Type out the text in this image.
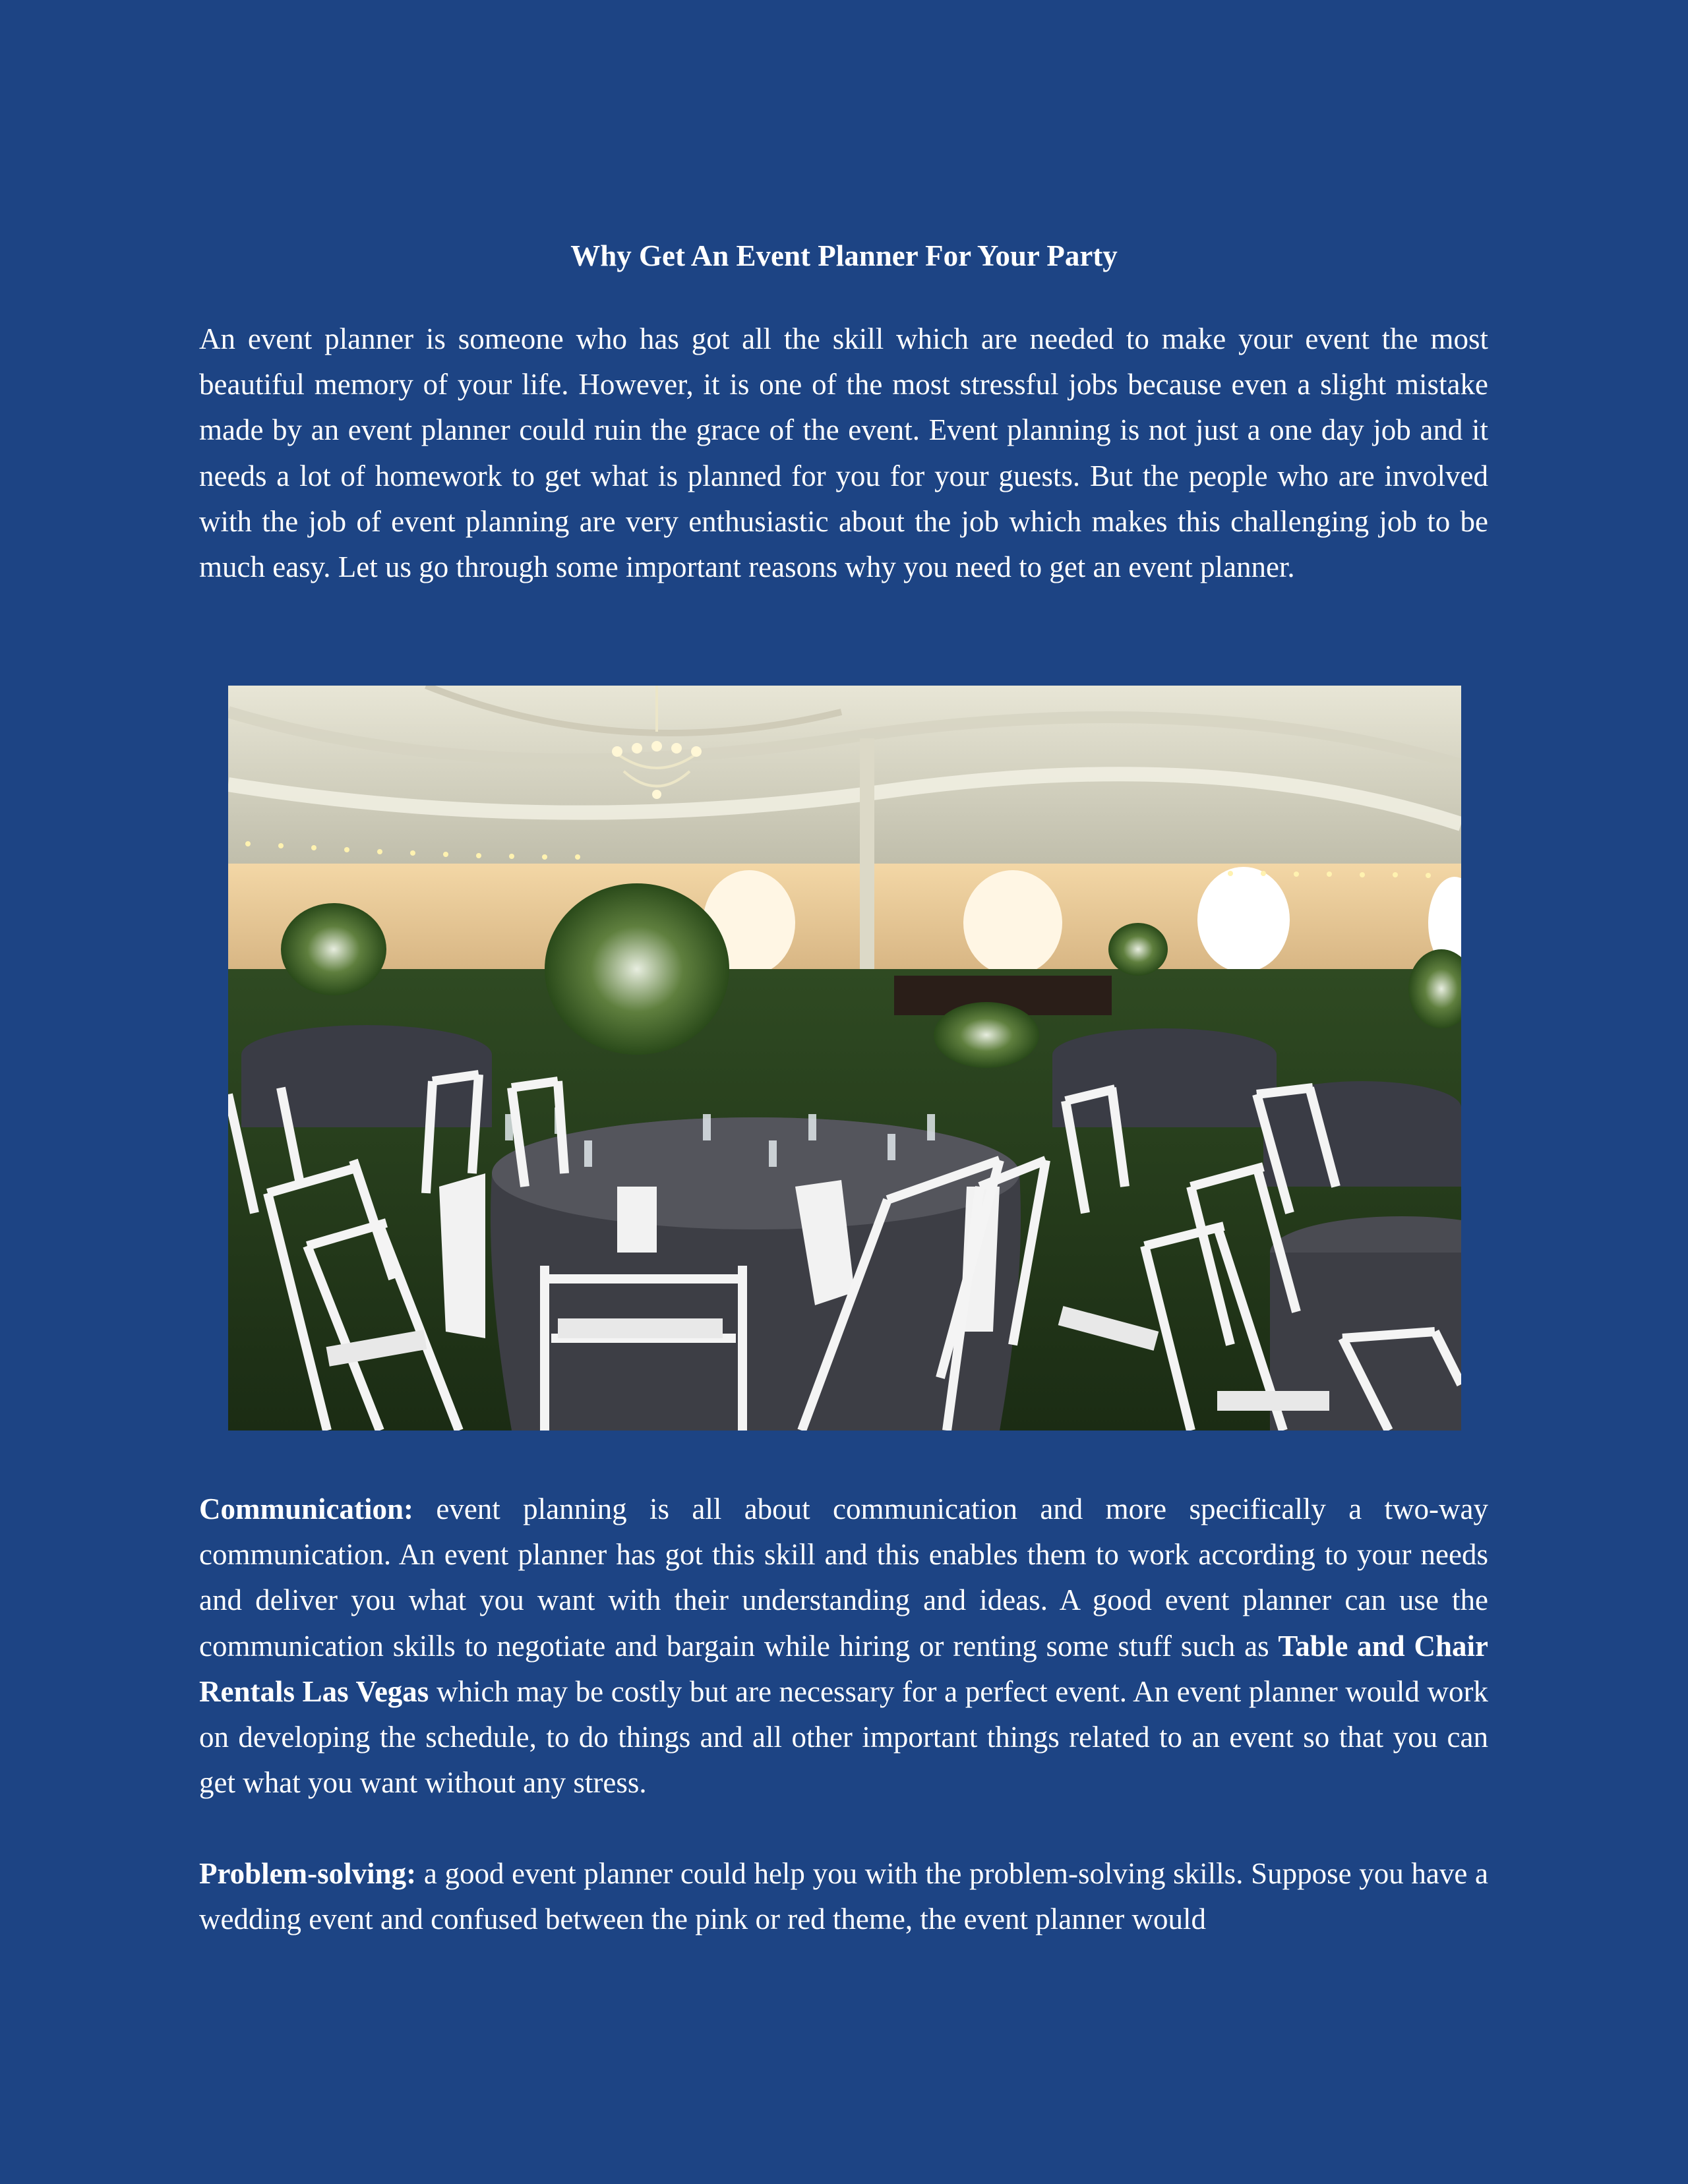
Why Get An Event Planner For Your Party

An event planner is someone who has got all the skill which are needed to make your event the most beautiful memory of your life. However, it is one of the most stressful jobs because even a slight mistake made by an event planner could ruin the grace of the event. Event planning is not just a one day job and it needs a lot of homework to get what is planned for you for your guests. But the people who are involved with the job of event planning are very enthusiastic about the job which makes this challenging job to be much easy. Let us go through some important reasons why you need to get an event planner.

Communication: event planning is all about communication and more specifically a two-way communication. An event planner has got this skill and this enables them to work according to your needs and deliver you what you want with their understanding and ideas. A good event planner can use the communication skills to negotiate and bargain while hiring or renting some stuff such as Table and Chair Rentals Las Vegas which may be costly but are necessary for a perfect event. An event planner would work on developing the schedule, to do things and all other important things related to an event so that you can get what you want without any stress.

Problem-solving: a good event planner could help you with the problem-solving skills. Suppose you have a wedding event and confused between the pink or red theme, the event planner would
